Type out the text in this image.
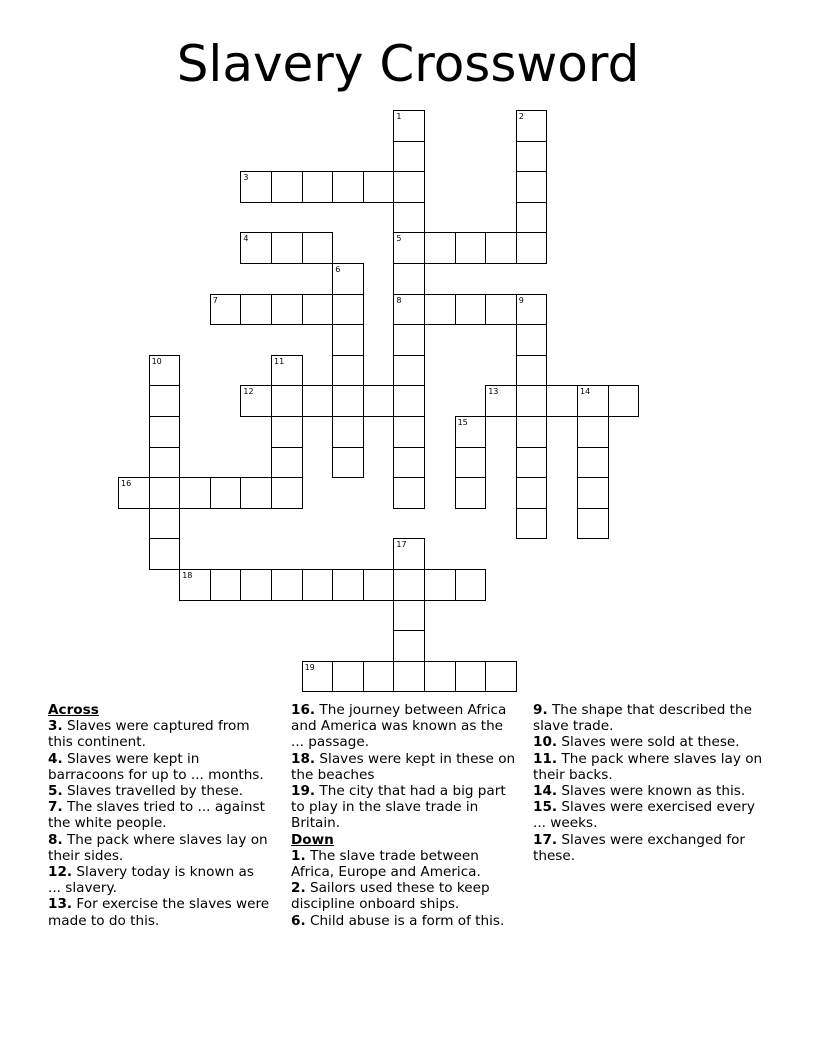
Slavery Crossword
1
5
8
2
3
4
6
7	9
10	11
12	13	14
15
16
17
18
19
Across
3. Slaves were captured from this continent.
4. Slaves were kept in barracoons for up to ... months.
5. Slaves travelled by these.
7. The slaves tried to ... against the white people.
8. The pack where slaves lay on their sides.
12. Slavery today is known as ... slavery.
13. For exercise the slaves were made to do this.
16. The journey between Africa and America was known as the ... passage.
18. Slaves were kept in these on the beaches
19. The city that had a big part to play in the slave trade in Britain.
Down
1. The slave trade between Africa, Europe and America.
2. Sailors used these to keep discipline onboard ships.
6. Child abuse is a form of this.
9. The shape that described the slave trade.
10. Slaves were sold at these.
11. The pack where slaves lay on their backs.
14. Slaves were known as this.
15. Slaves were exercised every ... weeks.
17. Slaves were exchanged for these.
